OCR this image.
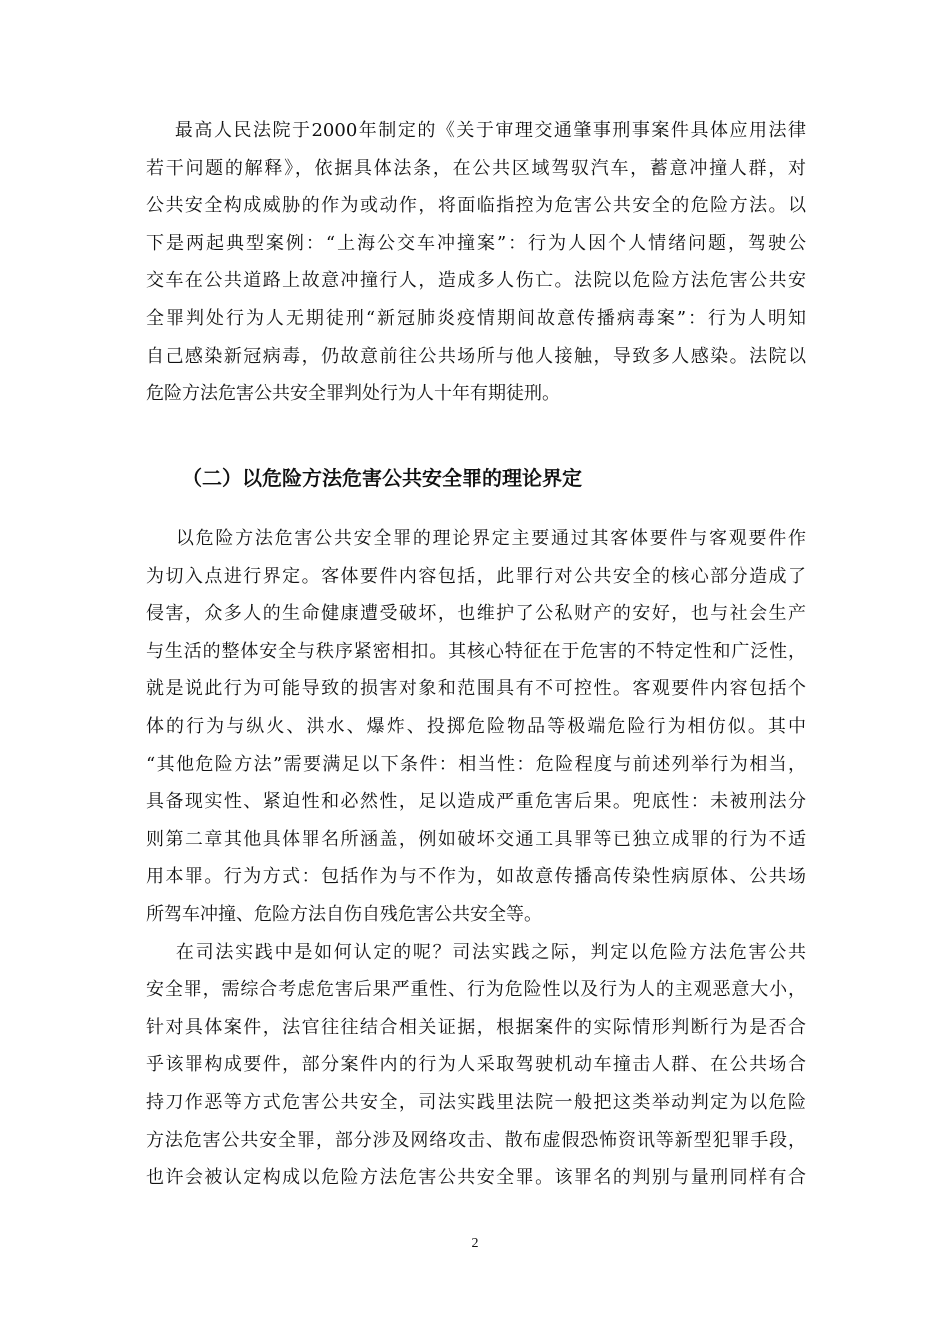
最高人民法院于2000年制定的《关于审理交通肇事刑事案件具体应用法律
若干问题的解释》，依据具体法条，在公共区域驾驭汽车，蓄意冲撞人群，对
公共安全构成威胁的作为或动作，将面临指控为危害公共安全的危险方法。以
下是两起典型案例：“上海公交车冲撞案”：行为人因个人情绪问题，驾驶公
交车在公共道路上故意冲撞行人，造成多人伤亡。法院以危险方法危害公共安
全罪判处行为人无期徒刑“新冠肺炎疫情期间故意传播病毒案”：行为人明知
自己感染新冠病毒，仍故意前往公共场所与他人接触，导致多人感染。法院以
危险方法危害公共安全罪判处行为人十年有期徒刑。
（二）以危险方法危害公共安全罪的理论界定
以危险方法危害公共安全罪的理论界定主要通过其客体要件与客观要件作
为切入点进行界定。客体要件内容包括，此罪行对公共安全的核心部分造成了
侵害，众多人的生命健康遭受破坏，也维护了公私财产的安好，也与社会生产
与生活的整体安全与秩序紧密相扣。其核心特征在于危害的不特定性和广泛性，
就是说此行为可能导致的损害对象和范围具有不可控性。客观要件内容包括个
体的行为与纵火、洪水、爆炸、投掷危险物品等极端危险行为相仿似。其中
“其他危险方法”需要满足以下条件：相当性：危险程度与前述列举行为相当，
具备现实性、紧迫性和必然性，足以造成严重危害后果。兜底性：未被刑法分
则第二章其他具体罪名所涵盖，例如破坏交通工具罪等已独立成罪的行为不适
用本罪。行为方式：包括作为与不作为，如故意传播高传染性病原体、公共场
所驾车冲撞、危险方法自伤自残危害公共安全等。
在司法实践中是如何认定的呢？司法实践之际，判定以危险方法危害公共
安全罪，需综合考虑危害后果严重性、行为危险性以及行为人的主观恶意大小，
针对具体案件，法官往往结合相关证据，根据案件的实际情形判断行为是否合
乎该罪构成要件，部分案件内的行为人采取驾驶机动车撞击人群、在公共场合
持刀作恶等方式危害公共安全，司法实践里法院一般把这类举动判定为以危险
方法危害公共安全罪，部分涉及网络攻击、散布虚假恐怖资讯等新型犯罪手段，
也许会被认定构成以危险方法危害公共安全罪。该罪名的判别与量刑同样有合
2
